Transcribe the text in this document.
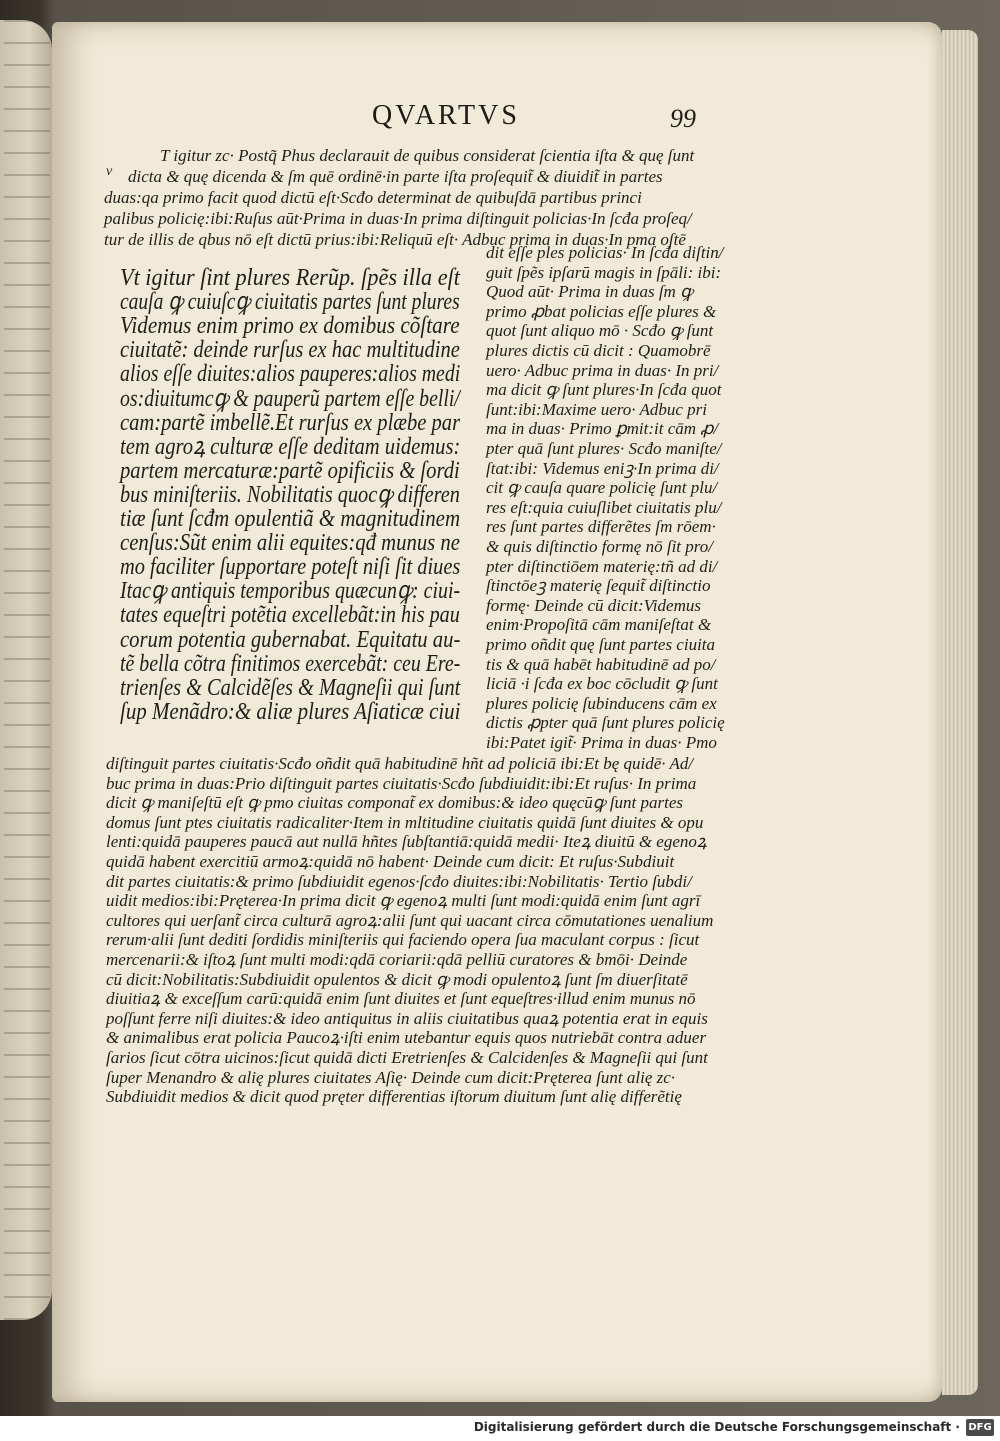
QVARTVS	99
v
T igitur zc· Postq̃ Phus declarauit de quibus considerat ſcientia iſta & quę ſunt
dicta & quę dicenda & ſm quē ordinē·in parte iſta proſequit̃ & diuidit̃ in partes
duas:qa primo facit quod dictū eſt·Scđo determinat de quibuſdā partibus princi
palibus policię:ibi:Ruſus aūt·Prima in duas·In prima diſtinguit policias·In ſcđa proſeq/
tur de illis de qbus nō eſt dictū prius:ibi:Reliquū eſt· Adbuc prima in duas·In pma oſtē
Vt igitur ſint plures Rerũp. ſpẽs illa eſt
cauſa ꝙ cuiuſcꝙ ciuitatis partes ſunt plures
Videmus enim primo ex domibus cõſtare
ciuitatẽ: deinde rurſus ex hac multitudine
alios eſſe diuites:alios pauperes:alios medi
os:diuitumcꝙ & pauperũ partem eſſe belli/
cam:partẽ imbellẽ.Et rurſus ex plæbe par
tem agroꝝ culturæ eſſe deditam uidemus:
partem mercaturæ:partẽ opificiis & ſordi
bus miniſteriis. Nobilitatis quocꝙ differen
tiæ ſunt ſcđm opulentiã & magnitudinem
cenſus:Sũt enim alii equites:qđ munus ne
mo faciliter ſupportare poteſt niſi ſit diues
Itacꝙ antiquis temporibus quæcunꝙ: ciui-
tates equeſtri potẽtia excellebãt:in his pau
corum potentia gubernabat. Equitatu au-
tẽ bella cõtra finitimos exercebãt: ceu Ere-
trienſes & Calcidẽſes & Magneſii qui ſunt
ſup Menãdro:& aliæ plures Aſiaticæ ciui
dit eſſe ples policias· In ſcđa diſtin/
guit ſpẽs ipſarū magis in ſpāli: ibi:
Quod aūt· Prima in duas ſm ꝙ
primo ꝓbat policias eſſe plures &
quot ſunt aliquo mō · Scđo ꝙ ſunt
plures dictis cū dicit : Quamobrē
uero· Adbuc prima in duas· In pri/
ma dicit ꝙ ſunt plures·In ſcđa quot
ſunt:ibi:Maxime uero· Adbuc pri
ma in duas· Primo ꝑmit:it cām ꝓ/
pter quā ſunt plures· Scđo maniſte/
ſtat:ibi: Videmus eniꝫ·In prima di/
cit ꝙ cauſa quare policię ſunt plu/
res eſt:quia cuiuſlibet ciuitatis plu/
res ſunt partes differẽtes ſm rōem·
& quis diſtinctio formę nō ſit pro/
pter diſtinctiōem materię:tñ ad di/
ſtinctōeꝫ materię ſequit̃ diſtinctio
formę· Deinde cū dicit:Videmus
enim·Propoſitā cām maniſeſtat &
primo oñdit quę ſunt partes ciuita
tis & quā habēt habitudinē ad po/
liciā ·i ſcđa ex boc cōcludit ꝙ ſunt
plures policię ſubinducens cām ex
dictis ꝓpter quā ſunt plures policię
ibi:Patet igit̃· Prima in duas· Pmo
diſtinguit partes ciuitatis·Scđo oñdit quā habitudinē hñt ad policiā ibi:Et bę quidē· Ad/
buc prima in duas:Prio diſtinguit partes ciuitatis·Scđo ſubdiuidit:ibi:Et ruſus· In prima
dicit ꝙ maniſeſtū eſt ꝙ pmo ciuitas componat̃ ex domibus:& ideo quęcūꝙ ſunt partes
domus ſunt ptes ciuitatis radicaliter·Item in mltitudine ciuitatis quidā ſunt diuites & opu
lenti:quidā pauperes paucā aut nullā hñtes ſubſtantiā:quidā medii· Iteꝝ diuitū & egenoꝝ
quidā habent exercitiū armoꝝ:quidā nō habent· Deinde cum dicit: Et ruſus·Subdiuit
dit partes ciuitatis:& primo ſubdiuidit egenos·ſcđo diuites:ibi:Nobilitatis· Tertio ſubdi/
uidit medios:ibi:Pręterea·In prima dicit ꝙ egenoꝝ multi ſunt modi:quidā enim ſunt agrī
cultores qui uerſant̃ circa culturā agroꝝ:alii ſunt qui uacant circa cōmutationes uenalium
rerum·alii ſunt dediti ſordidis miniſteriis qui faciendo opera ſua maculant corpus : ſicut
mercenarii:& iſtoꝝ ſunt multi modi:qdā coriarii:qdā pelliū curatores & bmōi· Deinde
cū dicit:Nobilitatis:Subdiuidit opulentos & dicit ꝙ modi opulentoꝝ ſunt ſm diuerſitatē
diuitiaꝝ & exceſſum carū:quidā enim ſunt diuites et ſunt equeſtres·illud enim munus nō
poſſunt ferre niſi diuites:& ideo antiquitus in aliis ciuitatibus quaꝝ potentia erat in equis
& animalibus erat policia Paucoꝝ·iſti enim utebantur equis quos nutriebāt contra aduer
ſarios ſicut cōtra uicinos:ſicut quidā dicti Eretrienſes & Calcidenſes & Magneſii qui ſunt
ſuper Menandro & alię plures ciuitates Aſię· Deinde cum dicit:Pręterea ſunt alię zc·
Subdiuidit medios & dicit quod pręter differentias iſtorum diuitum ſunt alię differẽtię
Digitalisierung gefördert durch die Deutsche Forschungsgemeinschaft · DFG
